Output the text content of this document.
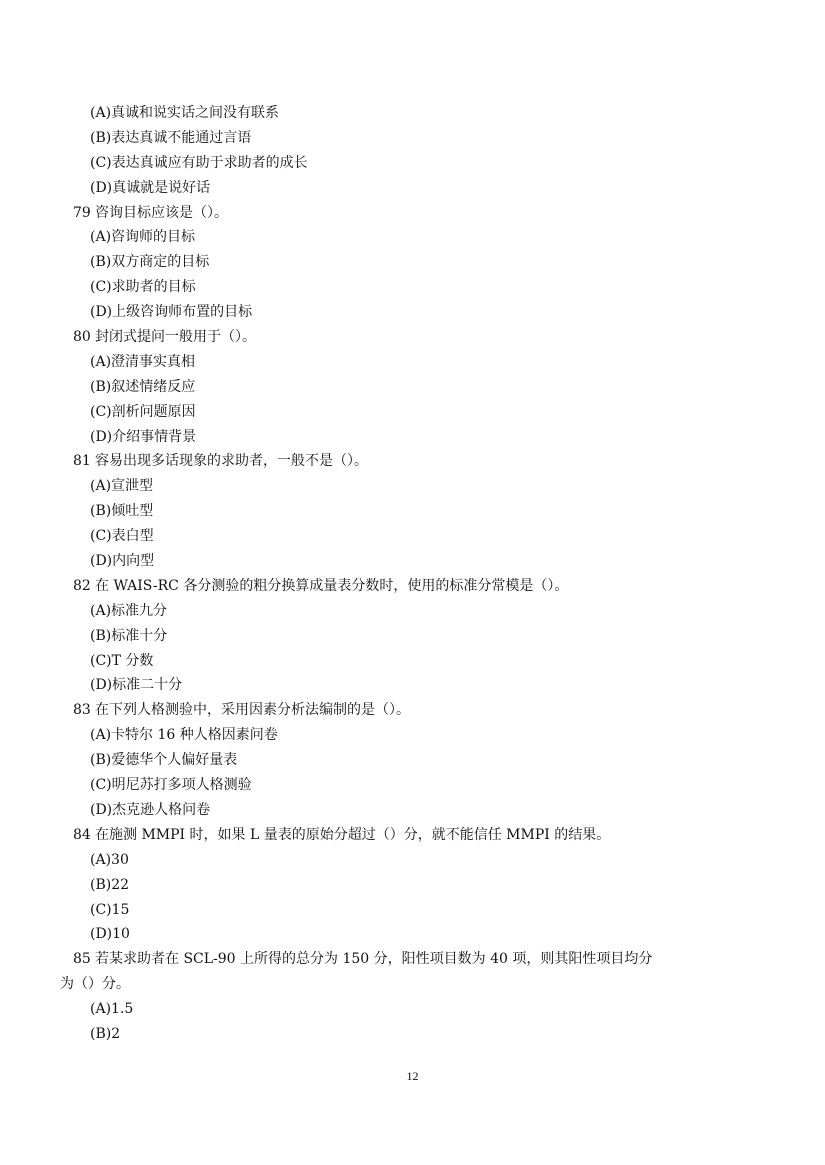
(A)真诚和说实话之间没有联系
(B)表达真诚不能通过言语
(C)表达真诚应有助于求助者的成长
(D)真诚就是说好话
79 咨询目标应该是（）。
(A)咨询师的目标
(B)双方商定的目标
(C)求助者的目标
(D)上级咨询师布置的目标
80 封闭式提问一般用于（）。
(A)澄清事实真相
(B)叙述情绪反应
(C)剖析问题原因
(D)介绍事情背景
81 容易出现多话现象的求助者，一般不是（）。
(A)宣泄型
(B)倾吐型
(C)表白型
(D)内向型
82 在 WAIS-RC 各分测验的粗分换算成量表分数时，使用的标准分常模是（）。
(A)标准九分
(B)标准十分
(C)T 分数
(D)标准二十分
83 在下列人格测验中，采用因素分析法编制的是（）。
(A)卡特尔 16 种人格因素问卷
(B)爱德华个人偏好量表
(C)明尼苏打多项人格测验
(D)杰克逊人格问卷
84 在施测 MMPI 时，如果 L 量表的原始分超过（）分，就不能信任 MMPI 的结果。
(A)30
(B)22
(C)15
(D)10
85 若某求助者在 SCL-90 上所得的总分为 150 分，阳性项目数为 40 项，则其阳性项目均分
为（）分。
(A)1.5
(B)2
12
